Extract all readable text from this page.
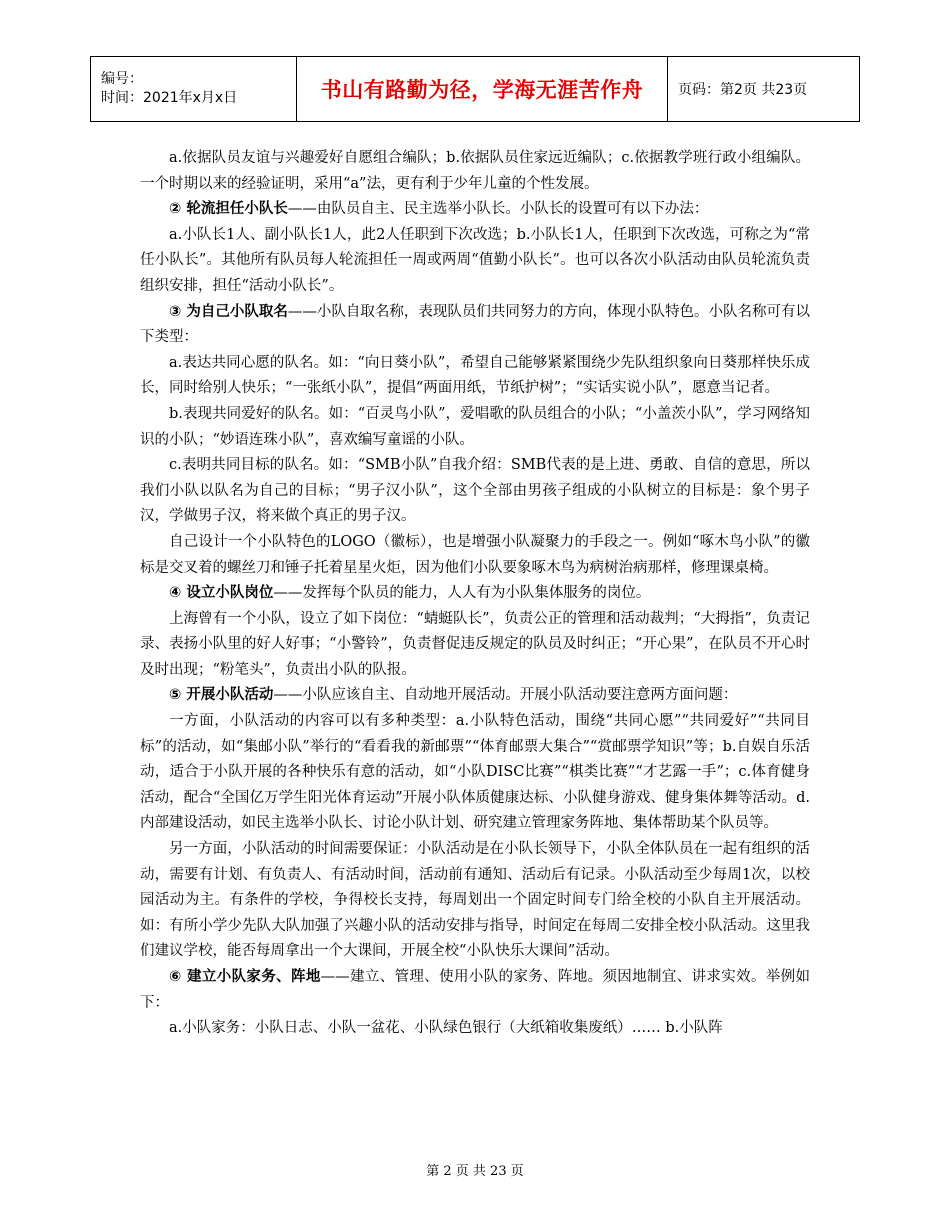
编号：
时间：2021年x月x日	书山有路勤为径，学海无涯苦作舟	页码：第2页 共23页

a.依据队员友谊与兴趣爱好自愿组合编队；b.依据队员住家远近编队；c.依据教学班行政小组编队。一个时期以来的经验证明，采用“a”法，更有利于少年儿童的个性发展。

② 轮流担任小队长——由队员自主、民主选举小队长。小队长的设置可有以下办法：

a.小队长1人、副小队长1人，此2人任职到下次改选；b.小队长1人，任职到下次改选，可称之为“常任小队长”。其他所有队员每人轮流担任一周或两周“值勤小队长”。也可以各次小队活动由队员轮流负责组织安排，担任“活动小队长”。

③ 为自己小队取名——小队自取名称，表现队员们共同努力的方向，体现小队特色。小队名称可有以下类型：

a.表达共同心愿的队名。如：“向日葵小队”，希望自己能够紧紧围绕少先队组织象向日葵那样快乐成长，同时给别人快乐；“一张纸小队”，提倡“两面用纸，节纸护树”；“实话实说小队”，愿意当记者。

b.表现共同爱好的队名。如：“百灵鸟小队”，爱唱歌的队员组合的小队；“小盖茨小队”，学习网络知识的小队；“妙语连珠小队”，喜欢编写童谣的小队。

c.表明共同目标的队名。如：“SMB小队”自我介绍：SMB代表的是上进、勇敢、自信的意思，所以我们小队以队名为自己的目标；“男子汉小队”，这个全部由男孩子组成的小队树立的目标是：象个男子汉，学做男子汉，将来做个真正的男子汉。

自己设计一个小队特色的LOGO（徽标），也是增强小队凝聚力的手段之一。例如“啄木鸟小队”的徽标是交叉着的螺丝刀和锤子托着星星火炬，因为他们小队要象啄木鸟为病树治病那样，修理课桌椅。

④ 设立小队岗位——发挥每个队员的能力，人人有为小队集体服务的岗位。

上海曾有一个小队，设立了如下岗位：“蜻蜓队长”，负责公正的管理和活动裁判；“大拇指”，负责记录、表扬小队里的好人好事；“小警铃”，负责督促违反规定的队员及时纠正；“开心果”，在队员不开心时及时出现；“粉笔头”，负责出小队的队报。

⑤ 开展小队活动——小队应该自主、自动地开展活动。开展小队活动要注意两方面问题：

一方面，小队活动的内容可以有多种类型：a.小队特色活动，围绕“共同心愿”“共同爱好”“共同目标”的活动，如“集邮小队”举行的“看看我的新邮票”“体育邮票大集合”“赏邮票学知识”等；b.自娱自乐活动，适合于小队开展的各种快乐有意的活动，如“小队DISC比赛”“棋类比赛”“才艺露一手”；c.体育健身活动，配合“全国亿万学生阳光体育运动”开展小队体质健康达标、小队健身游戏、健身集体舞等活动。d.内部建设活动，如民主选举小队长、讨论小队计划、研究建立管理家务阵地、集体帮助某个队员等。

另一方面，小队活动的时间需要保证：小队活动是在小队长领导下，小队全体队员在一起有组织的活动，需要有计划、有负责人、有活动时间，活动前有通知、活动后有记录。小队活动至少每周1次，以校园活动为主。有条件的学校，争得校长支持，每周划出一个固定时间专门给全校的小队自主开展活动。如：有所小学少先队大队加强了兴趣小队的活动安排与指导，时间定在每周二安排全校小队活动。这里我们建议学校，能否每周拿出一个大课间，开展全校“小队快乐大课间”活动。

⑥ 建立小队家务、阵地——建立、管理、使用小队的家务、阵地。须因地制宜、讲求实效。举例如下：

a.小队家务：小队日志、小队一盆花、小队绿色银行（大纸箱收集废纸）…… b.小队阵

第 2 页 共 23 页
